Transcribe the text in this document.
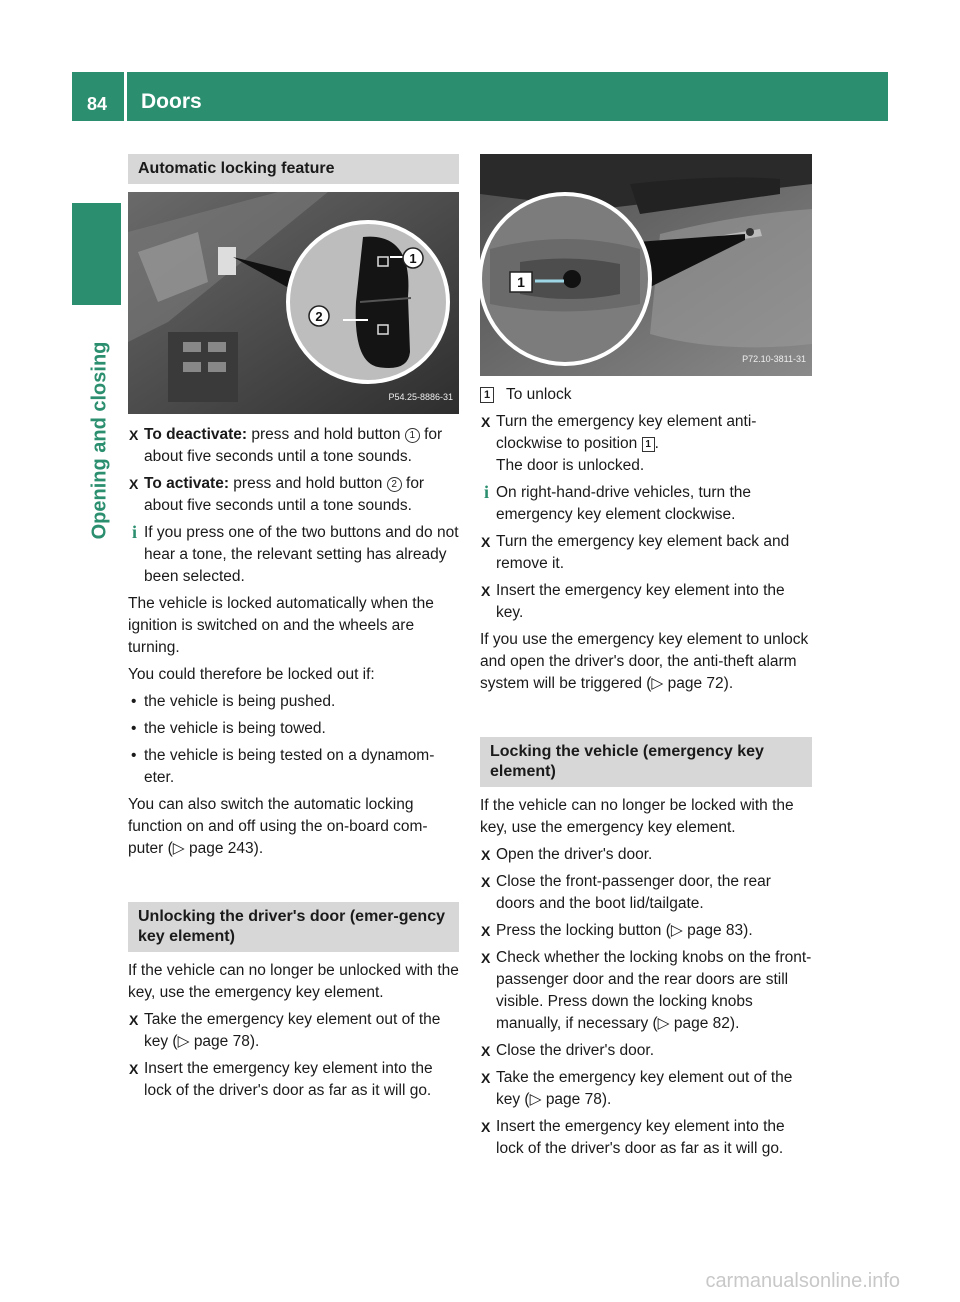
84 Doors
Opening and closing
Automatic locking feature
1
2
P54.25-8886-31
X To deactivate: press and hold button 1 for about five seconds until a tone sounds.
X To activate: press and hold button 2 for about five seconds until a tone sounds.
i If you press one of the two buttons and do not hear a tone, the relevant setting has already been selected.

The vehicle is locked automatically when the ignition is switched on and the wheels are turning.

You could therefore be locked out if:

• the vehicle is being pushed.
• the vehicle is being towed.
• the vehicle is being tested on a dynamom-eter.

You can also switch the automatic locking function on and off using the on-board com-puter (▷ page 243).

Unlocking the driver's door (emer-gency key element)

If the vehicle can no longer be unlocked with the key, use the emergency key element.

X Take the emergency key element out of the key (▷ page 78).
X Insert the emergency key element into the lock of the driver's door as far as it will go.
1
P72.10-3811-31
1 To unlock
X Turn the emergency key element anti-clockwise to position 1 .
The door is unlocked.
i On right-hand-drive vehicles, turn the emergency key element clockwise.
X Turn the emergency key element back and remove it.
X Insert the emergency key element into the key.

If you use the emergency key element to unlock and open the driver's door, the anti-theft alarm system will be triggered (▷ page 72).

Locking the vehicle (emergency key element)

If the vehicle can no longer be locked with the key, use the emergency key element.

X Open the driver's door.
X Close the front-passenger door, the rear doors and the boot lid/tailgate.
X Press the locking button (▷ page 83).
X Check whether the locking knobs on the front-passenger door and the rear doors are still visible. Press down the locking knobs manually, if necessary (▷ page 82).
X Close the driver's door.
X Take the emergency key element out of the key (▷ page 78).
X Insert the emergency key element into the lock of the driver's door as far as it will go.
carmanualsonline.info
